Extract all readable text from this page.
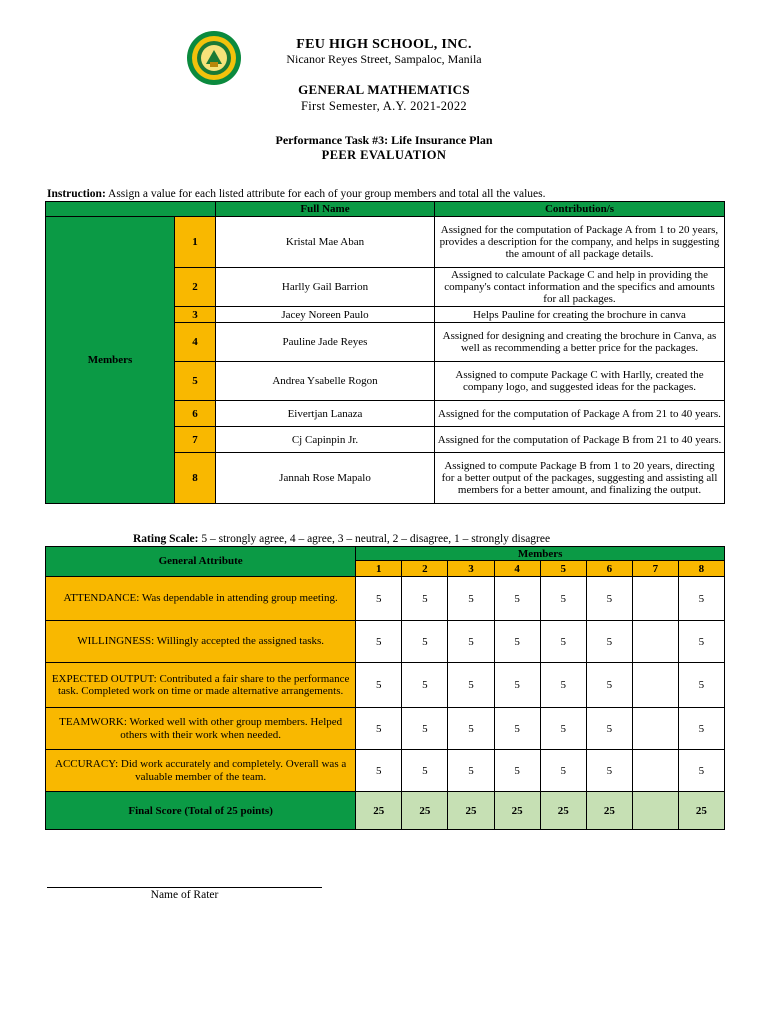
FEU HIGH SCHOOL, INC.
Nicanor Reyes Street, Sampaloc, Manila
GENERAL MATHEMATICS
First Semester, A.Y. 2021-2022
Performance Task #3: Life Insurance Plan
PEER EVALUATION
Instruction: Assign a value for each listed attribute for each of your group members and total all the values.
		Full Name	Contribution/s
Members	1	Kristal Mae Aban	Assigned for the computation of Package A from 1 to 20 years, provides a description for the company, and helps in suggesting the amount of all package details.
	2	Harlly Gail Barrion	Assigned to calculate Package C and help in providing the company's contact information and the specifics and amounts for all packages.
	3	Jacey Noreen Paulo	Helps Pauline for creating the brochure in canva
	4	Pauline Jade Reyes	Assigned for designing and creating the brochure in Canva, as well as recommending a better price for the packages.
	5	Andrea Ysabelle Rogon	Assigned to compute Package C with Harlly, created the company logo, and suggested ideas for the packages.
	6	Eivertjan Lanaza	Assigned for the computation of Package A from 21 to 40 years.
	7	Cj Capinpin Jr.	Assigned for the computation of Package B from 21 to 40 years.
	8	Jannah Rose Mapalo	Assigned to compute Package B from 1 to 20 years, directing for a better output of the packages, suggesting and assisting all members for a better amount, and finalizing the output.
Rating Scale: 5 – strongly agree, 4 – agree, 3 – neutral, 2 – disagree, 1 – strongly disagree
General Attribute	Members							
	1	2	3	4	5	6	7	8
ATTENDANCE: Was dependable in attending group meeting.	5	5	5	5	5	5		5
WILLINGNESS: Willingly accepted the assigned tasks.	5	5	5	5	5	5		5
EXPECTED OUTPUT: Contributed a fair share to the performance task. Completed work on time or made alternative arrangements.	5	5	5	5	5	5		5
TEAMWORK: Worked well with other group members. Helped others with their work when needed.	5	5	5	5	5	5		5
ACCURACY: Did work accurately and completely. Overall was a valuable member of the team.	5	5	5	5	5	5		5
Final Score (Total of 25 points)	25	25	25	25	25	25		25
Name of Rater
